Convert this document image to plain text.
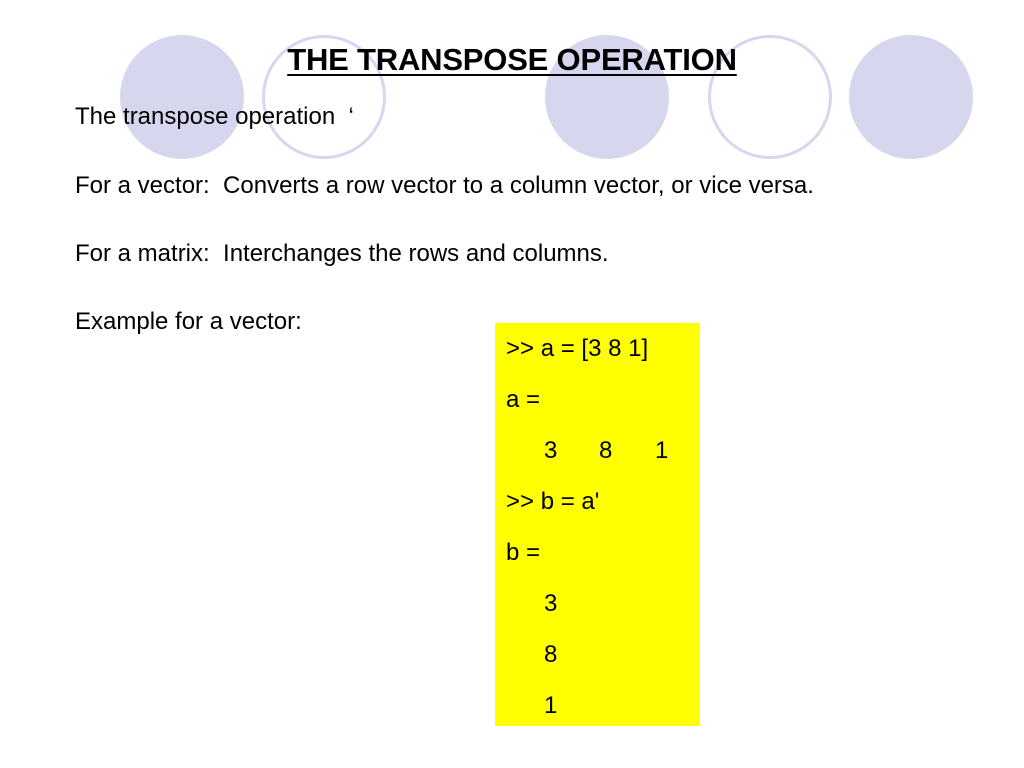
THE TRANSPOSE OPERATION
The transpose operation  ‘
For a vector:  Converts a row vector to a column vector, or vice versa.
For a matrix:  Interchanges the rows and columns.
Example for a vector:
>> a = [3 8 1]
a =

3

8

1

>> b = a'
b =
3
8
1
